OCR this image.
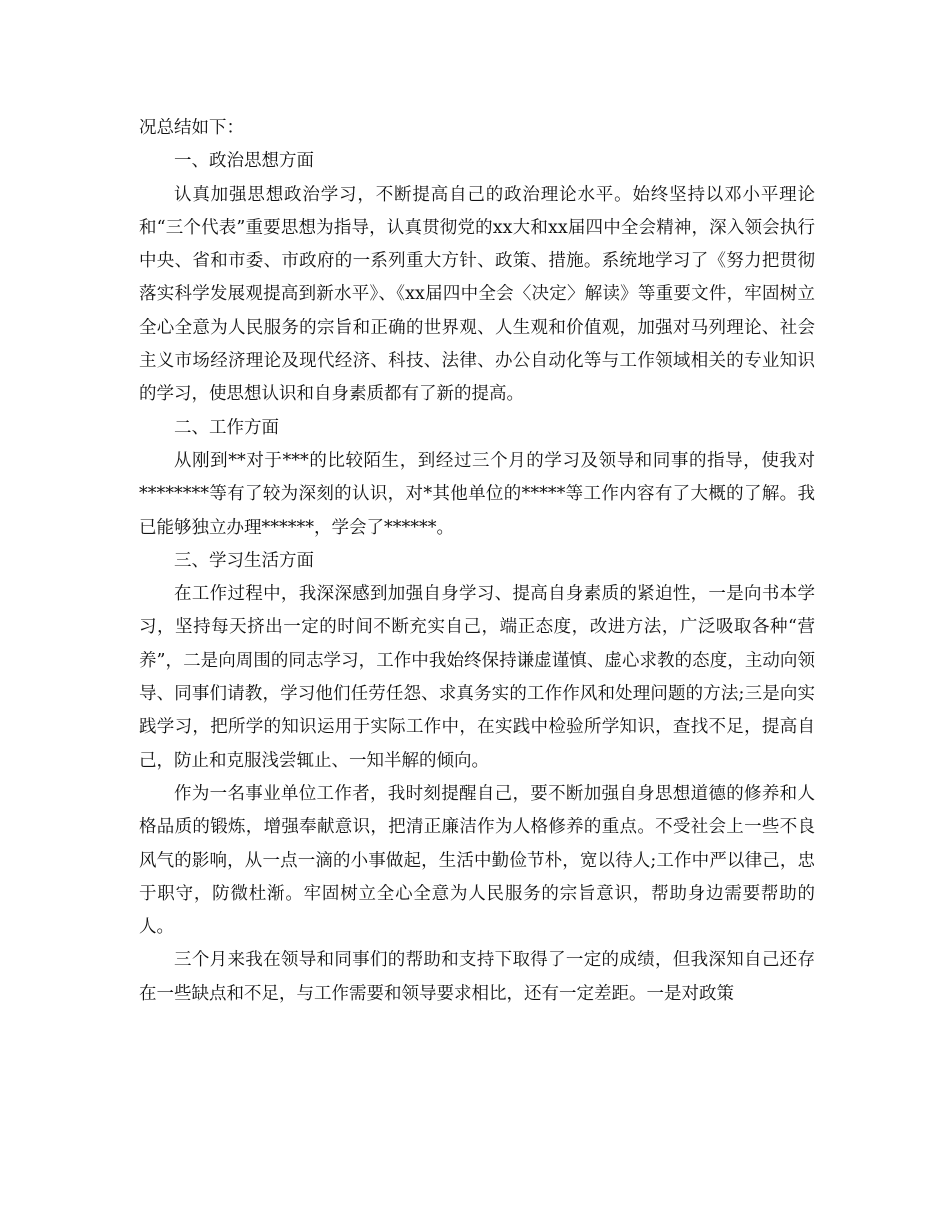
况总结如下：

一、政治思想方面

认真加强思想政治学习，不断提高自己的政治理论水平。始终坚持以邓小平理论和“三个代表”重要思想为指导，认真贯彻党的xx大和xx届四中全会精神，深入领会执行中央、省和市委、市政府的一系列重大方针、政策、措施。系统地学习了《努力把贯彻落实科学发展观提高到新水平》、《xx届四中全会〈决定〉解读》等重要文件，牢固树立全心全意为人民服务的宗旨和正确的世界观、人生观和价值观，加强对马列理论、社会主义市场经济理论及现代经济、科技、法律、办公自动化等与工作领域相关的专业知识的学习，使思想认识和自身素质都有了新的提高。

二、工作方面

从刚到**对于***的比较陌生，到经过三个月的学习及领导和同事的指导，使我对********等有了较为深刻的认识，对*其他单位的*****等工作内容有了大概的了解。我已能够独立办理******，学会了******。

三、学习生活方面

在工作过程中，我深深感到加强自身学习、提高自身素质的紧迫性，一是向书本学习，坚持每天挤出一定的时间不断充实自己，端正态度，改进方法，广泛吸取各种“营养”，二是向周围的同志学习，工作中我始终保持谦虚谨慎、虚心求教的态度，主动向领导、同事们请教，学习他们任劳任怨、求真务实的工作作风和处理问题的方法;三是向实践学习，把所学的知识运用于实际工作中，在实践中检验所学知识，查找不足，提高自己，防止和克服浅尝辄止、一知半解的倾向。

作为一名事业单位工作者，我时刻提醒自己，要不断加强自身思想道德的修养和人格品质的锻炼，增强奉献意识，把清正廉洁作为人格修养的重点。不受社会上一些不良风气的影响，从一点一滴的小事做起，生活中勤俭节朴，宽以待人;工作中严以律己，忠于职守，防微杜渐。牢固树立全心全意为人民服务的宗旨意识，帮助身边需要帮助的人。

三个月来我在领导和同事们的帮助和支持下取得了一定的成绩，但我深知自己还存在一些缺点和不足，与工作需要和领导要求相比，还有一定差距。一是对政策
